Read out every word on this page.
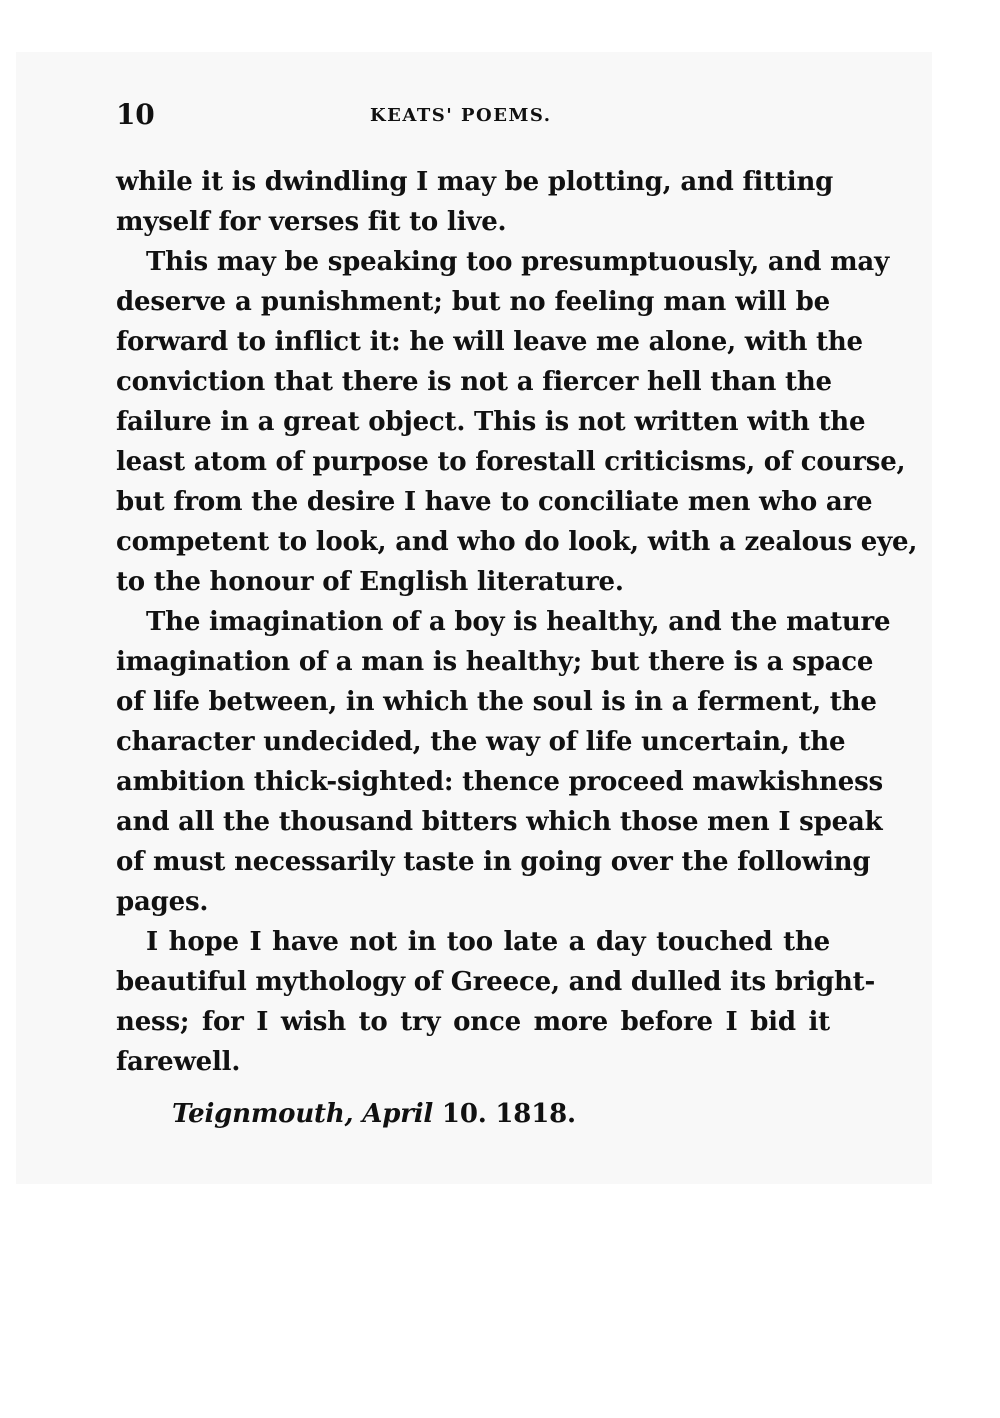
10	KEATS' POEMS.
while it is dwindling I may be plotting, and fitting
myself for verses fit to live.
This may be speaking too presumptuously, and may
deserve a punishment; but no feeling man will be
forward to inflict it: he will leave me alone, with the
conviction that there is not a fiercer hell than the
failure in a great object. This is not written with the
least atom of purpose to forestall criticisms, of course,
but from the desire I have to conciliate men who are
competent to look, and who do look, with a zealous eye,
to the honour of English literature.
The imagination of a boy is healthy, and the mature
imagination of a man is healthy; but there is a space
of life between, in which the soul is in a ferment, the
character undecided, the way of life uncertain, the
ambition thick-sighted: thence proceed mawkishness
and all the thousand bitters which those men I speak
of must necessarily taste in going over the following
pages.
I hope I have not in too late a day touched the
beautiful mythology of Greece, and dulled its bright-
ness; for I wish to try once more before I bid it
farewell.
Teignmouth, April 10. 1818.
